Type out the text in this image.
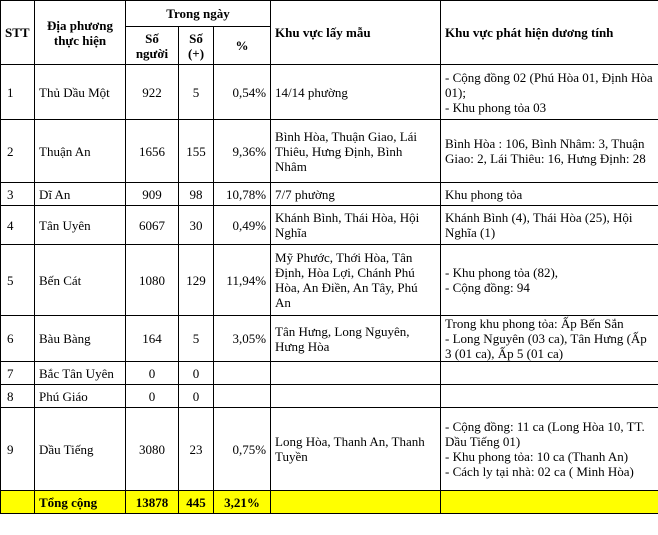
STT	Địa phương thực hiện	Trong ngày			Khu vực lấy mẫu	Khu vực phát hiện dương tính
		Số người	Số (+)	%		
1	Thủ Dầu Một	922	5	0,54%	14/14 phường	- Cộng đồng 02 (Phú Hòa 01, Định Hòa 01);
- Khu phong tỏa 03

2	Thuận An	1656	155	9,36%	Bình Hòa, Thuận Giao, Lái Thiêu, Hưng Định, Bình Nhâm	Bình Hòa : 106, Bình Nhâm: 3, Thuận Giao: 2, Lái Thiêu: 16, Hưng Định: 28

3	Dĩ An	909	98	10,78%	7/7 phường	Khu phong tỏa

4	Tân Uyên	6067	30	0,49%	Khánh Bình, Thái Hòa, Hội Nghĩa	Khánh Bình (4), Thái Hòa (25), Hội Nghĩa (1)

5	Bến Cát	1080	129	11,94%	Mỹ Phước, Thới Hòa, Tân Định, Hòa Lợi, Chánh Phú Hòa, An Điền, An Tây, Phú An	- Khu phong tỏa (82),
- Cộng đồng: 94

6	Bàu Bàng	164	5	3,05%	Tân Hưng, Long Nguyên, Hưng Hòa	Trong khu phong tỏa: Ấp Bến Sắn
- Long Nguyên (03 ca), Tân Hưng (Ấp 3 (01 ca), Ấp 5 (01 ca)

7	Bắc Tân Uyên	0	0			
8	Phú Giáo	0	0			
9	Dầu Tiếng	3080	23	0,75%	Long Hòa, Thanh An, Thanh Tuyền	- Cộng đồng: 11 ca (Long Hòa 10, TT. Dầu Tiếng 01)
- Khu phong tỏa: 10 ca (Thanh An)
- Cách ly tại nhà: 02 ca ( Minh Hòa)

	Tổng cộng	13878	445	3,21%		
